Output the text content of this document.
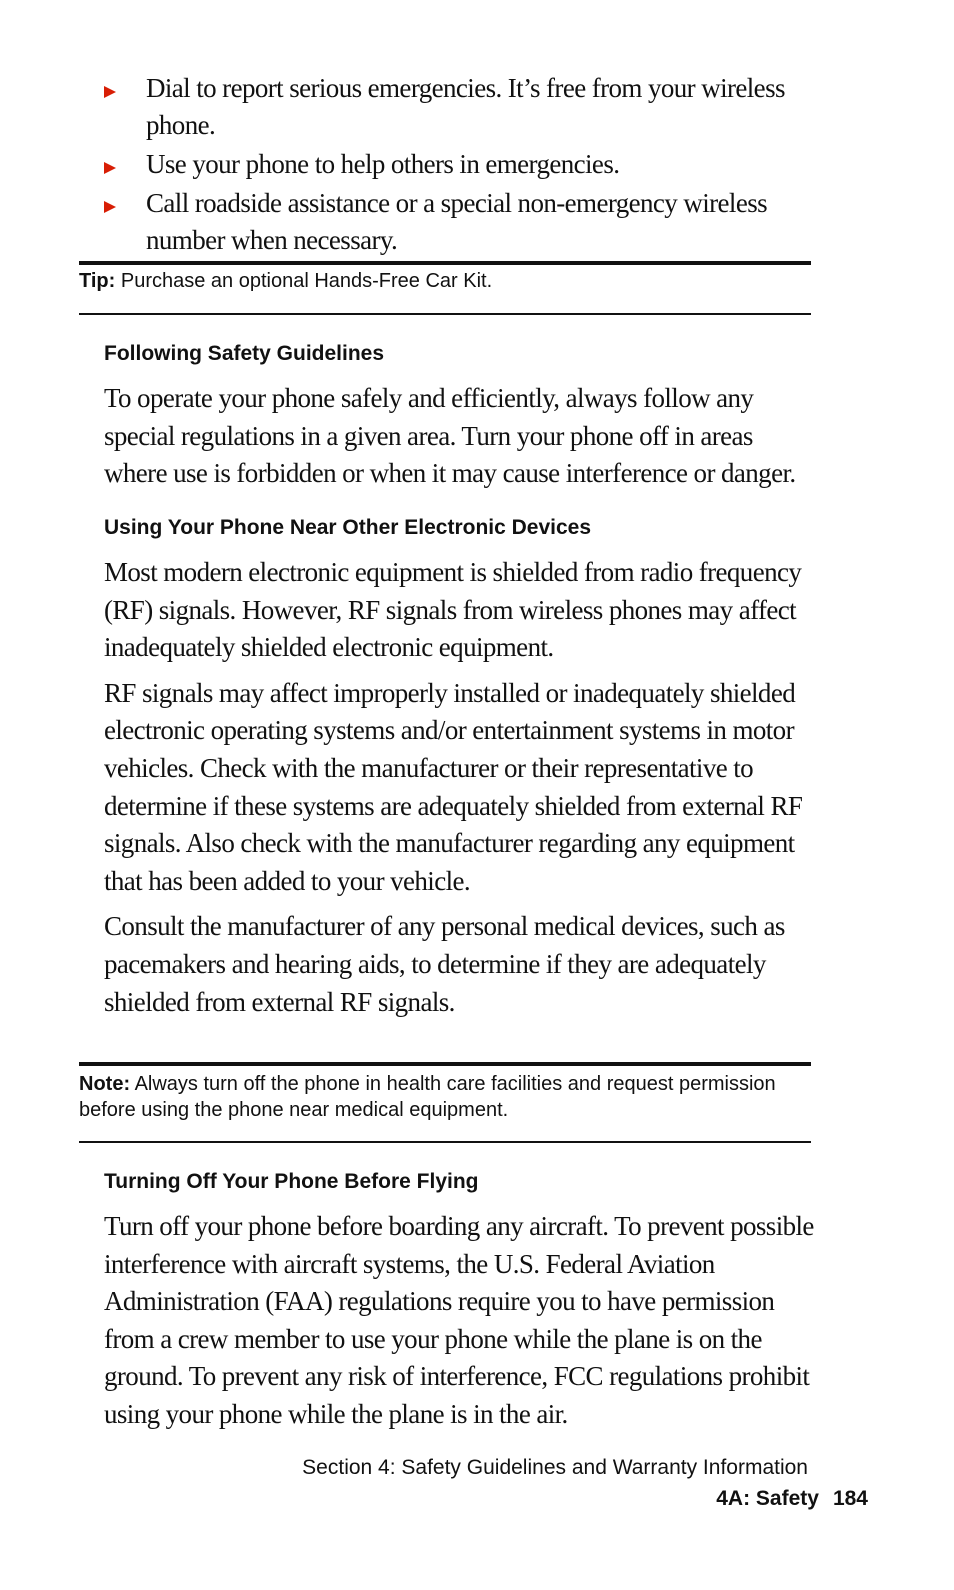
Dial to report serious emergencies. It’s free from your wireless phone.
Use your phone to help others in emergencies.
Call roadside assistance or a special non-emergency wireless number when necessary.
Tip: Purchase an optional Hands-Free Car Kit.
Following Safety Guidelines

To operate your phone safely and efficiently, always follow any special regulations in a given area. Turn your phone off in areas where use is forbidden or when it may cause interference or danger.

Using Your Phone Near Other Electronic Devices

Most modern electronic equipment is shielded from radio frequency (RF) signals. However, RF signals from wireless phones may affect inadequately shielded electronic equipment.

RF signals may affect improperly installed or inadequately shielded electronic operating systems and/or entertainment systems in motor vehicles. Check with the manufacturer or their representative to determine if these systems are adequately shielded from external RF signals. Also check with the manufacturer regarding any equipment that has been added to your vehicle.

Consult the manufacturer of any personal medical devices, such as pacemakers and hearing aids, to determine if they are adequately shielded from external RF signals.

Note: Always turn off the phone in health care facilities and request permission before using the phone near medical equipment.
Turning Off Your Phone Before Flying

Turn off your phone before boarding any aircraft. To prevent possible interference with aircraft systems, the U.S. Federal Aviation Administration (FAA) regulations require you to have permission from a crew member to use your phone while the plane is on the ground. To prevent any risk of interference, FCC regulations prohibit using your phone while the plane is in the air.

Section 4: Safety Guidelines and Warranty Information
4A: Safety 184
